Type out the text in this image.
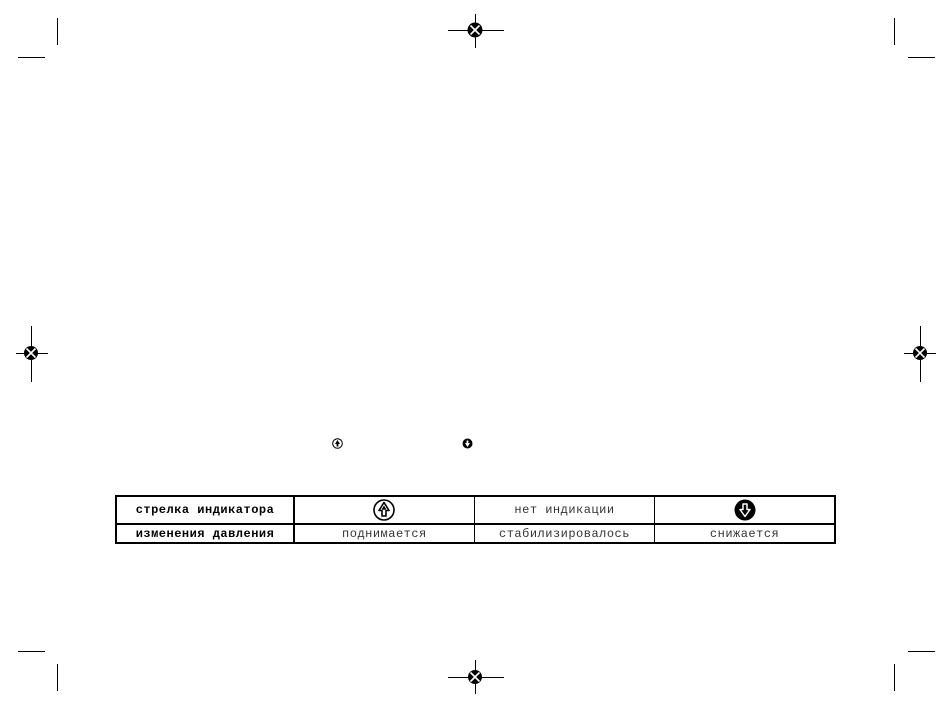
стрелка индикатора		нет индикации	

изменения давления	поднимается	стабилизировалось	снижается
